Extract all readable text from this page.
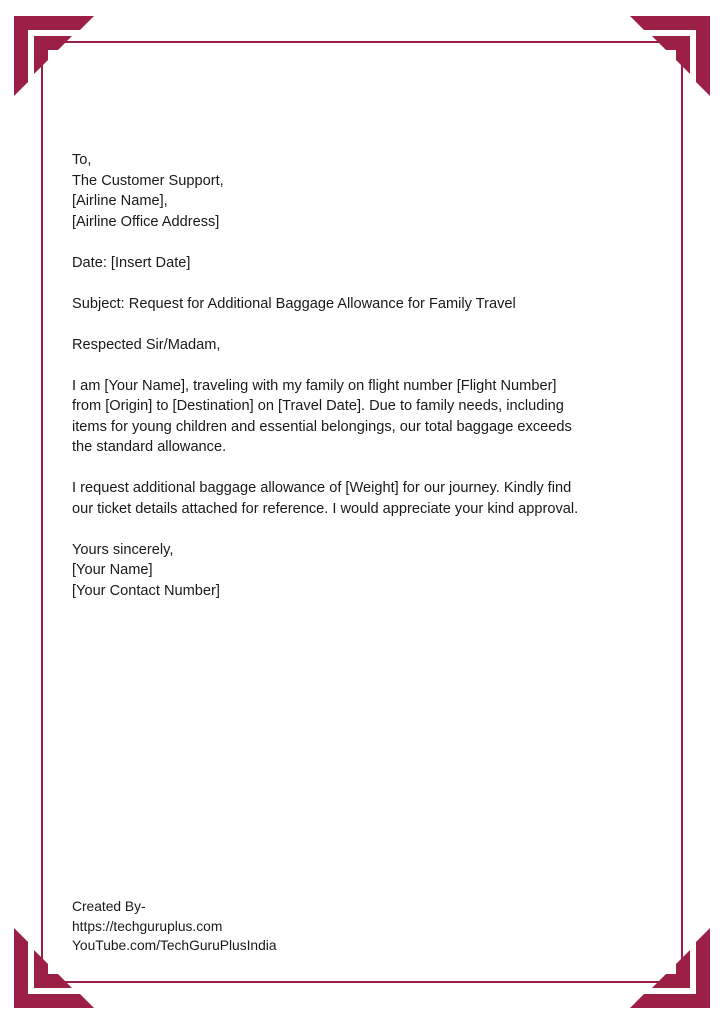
To,
The Customer Support,
[Airline Name],
[Airline Office Address]
Date: [Insert Date]
Subject: Request for Additional Baggage Allowance for Family Travel
Respected Sir/Madam,
I am [Your Name], traveling with my family on flight number [Flight Number]
from [Origin] to [Destination] on [Travel Date]. Due to family needs, including
items for young children and essential belongings, our total baggage exceeds
the standard allowance.
I request additional baggage allowance of [Weight] for our journey. Kindly find
our ticket details attached for reference. I would appreciate your kind approval.
Yours sincerely,
[Your Name]
[Your Contact Number]
Created By-
https://techguruplus.com
YouTube.com/TechGuruPlusIndia
